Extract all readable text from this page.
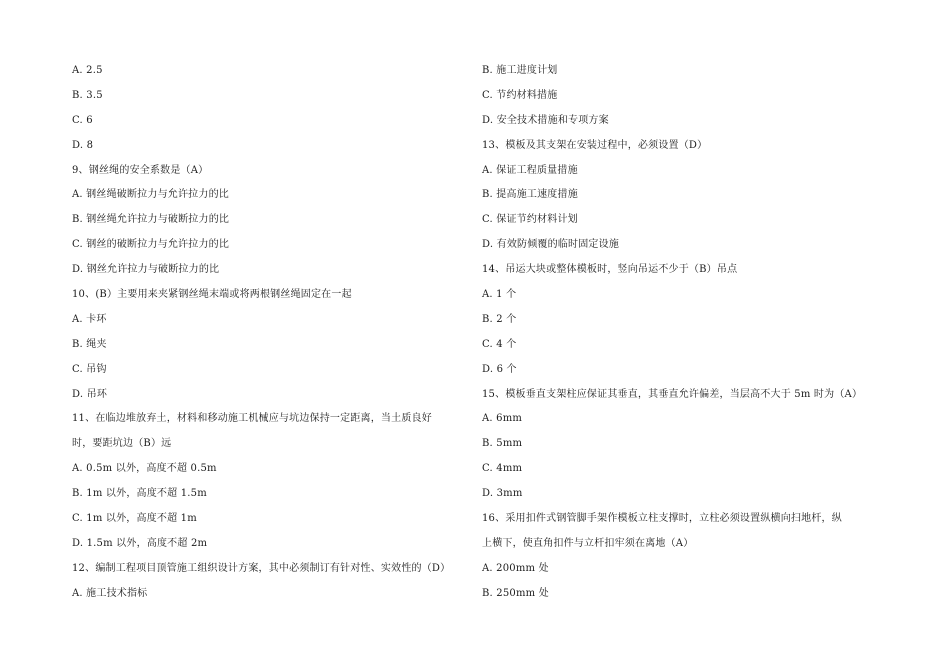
A. 2.5
B. 3.5
C. 6
D. 8
9、钢丝绳的安全系数是（A）
A. 钢丝绳破断拉力与允许拉力的比
B. 钢丝绳允许拉力与破断拉力的比
C. 钢丝的破断拉力与允许拉力的比
D. 钢丝允许拉力与破断拉力的比
10、(B）主要用来夹紧钢丝绳末端或将两根钢丝绳固定在一起
A. 卡环
B. 绳夹
C. 吊钩
D. 吊环
11、在临边堆放弃土，材料和移动施工机械应与坑边保持一定距离，当土质良好
时，要距坑边（B）远
A. 0.5m 以外，高度不超 0.5m
B. 1m 以外，高度不超 1.5m
C. 1m 以外，高度不超 1m
D. 1.5m 以外，高度不超 2m
12、编制工程项目顶管施工组织设计方案，其中必须制订有针对性、实效性的（D）
A. 施工技术指标
B. 施工进度计划
C. 节约材料措施
D. 安全技术措施和专项方案
13、模板及其支架在安装过程中，必须设置（D）
A. 保证工程质量措施
B. 提高施工速度措施
C. 保证节约材料计划
D. 有效防倾覆的临时固定设施
14、吊运大块或整体模板时，竖向吊运不少于（B）吊点
A. 1 个
B. 2 个
C. 4 个
D. 6 个
15、模板垂直支架柱应保证其垂直，其垂直允许偏差，当层高不大于 5m 时为（A）
A. 6mm
B. 5mm
C. 4mm
D. 3mm
16、采用扣件式钢管脚手架作模板立柱支撑时，立柱必须设置纵横向扫地杆，纵
上横下，使直角扣件与立杆扣牢须在离地（A）
A. 200mm 处
B. 250mm 处
